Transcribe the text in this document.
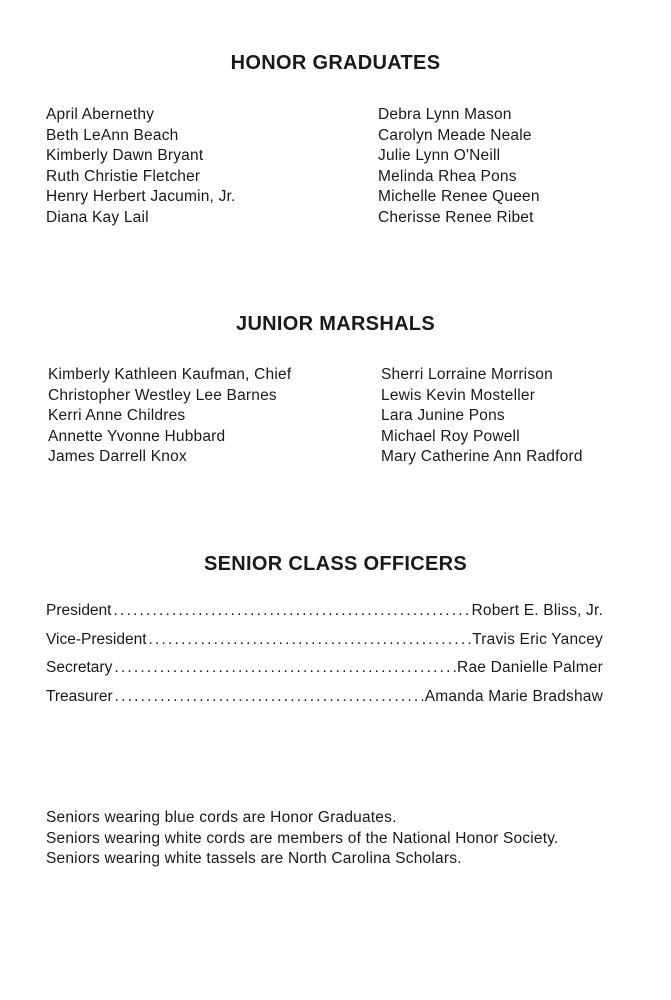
HONOR GRADUATES
April Abernethy
Beth LeAnn Beach
Kimberly Dawn Bryant
Ruth Christie Fletcher
Henry Herbert Jacumin, Jr.
Diana Kay Lail
Debra Lynn Mason
Carolyn Meade Neale
Julie Lynn O'Neill
Melinda Rhea Pons
Michelle Renee Queen
Cherisse Renee Ribet
JUNIOR MARSHALS
Kimberly Kathleen Kaufman, Chief
Christopher Westley Lee Barnes
Kerri Anne Childres
Annette Yvonne Hubbard
James Darrell Knox
Sherri Lorraine Morrison
Lewis Kevin Mosteller
Lara Junine Pons
Michael Roy Powell
Mary Catherine Ann Radford
SENIOR CLASS OFFICERS
President .....	Robert E. Bliss, Jr.
Vice-President .....	Travis Eric Yancey
Secretary .....	Rae Danielle Palmer
Treasurer .....	Amanda Marie Bradshaw
Seniors wearing blue cords are Honor Graduates.
Seniors wearing white cords are members of the National Honor Society.
Seniors wearing white tassels are North Carolina Scholars.
